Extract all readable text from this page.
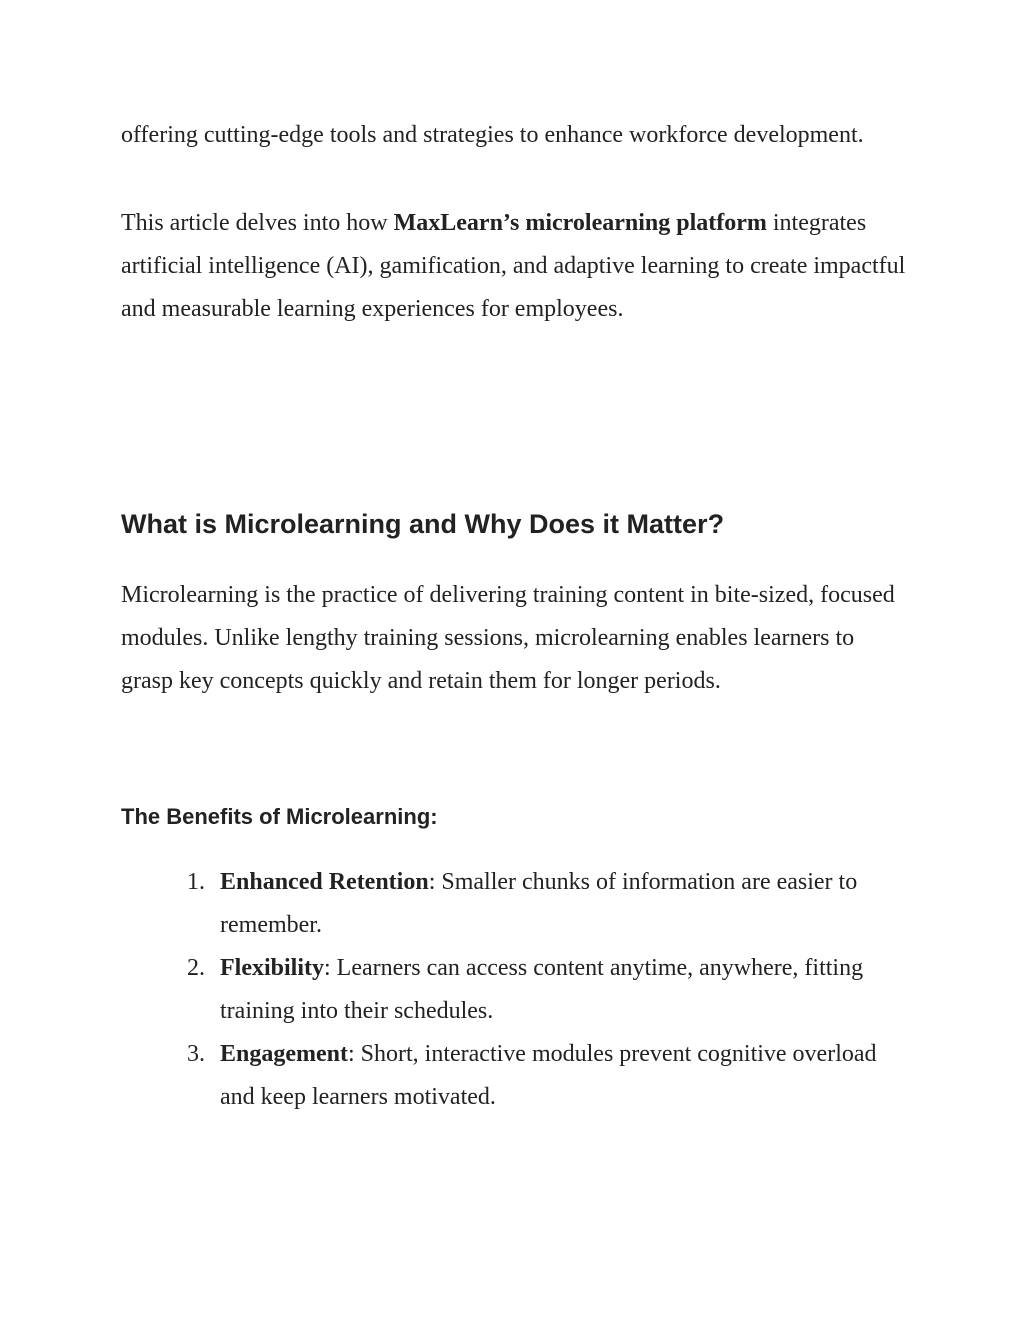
offering cutting-edge tools and strategies to enhance workforce development.

This article delves into how MaxLearn’s microlearning platform integrates artificial intelligence (AI), gamification, and adaptive learning to create impactful and measurable learning experiences for employees.

What is Microlearning and Why Does it Matter?

Microlearning is the practice of delivering training content in bite-sized, focused modules. Unlike lengthy training sessions, microlearning enables learners to grasp key concepts quickly and retain them for longer periods.

The Benefits of Microlearning:
1. Enhanced Retention: Smaller chunks of information are easier to remember.
2. Flexibility: Learners can access content anytime, anywhere, fitting training into their schedules.
3. Engagement: Short, interactive modules prevent cognitive overload and keep learners motivated.
